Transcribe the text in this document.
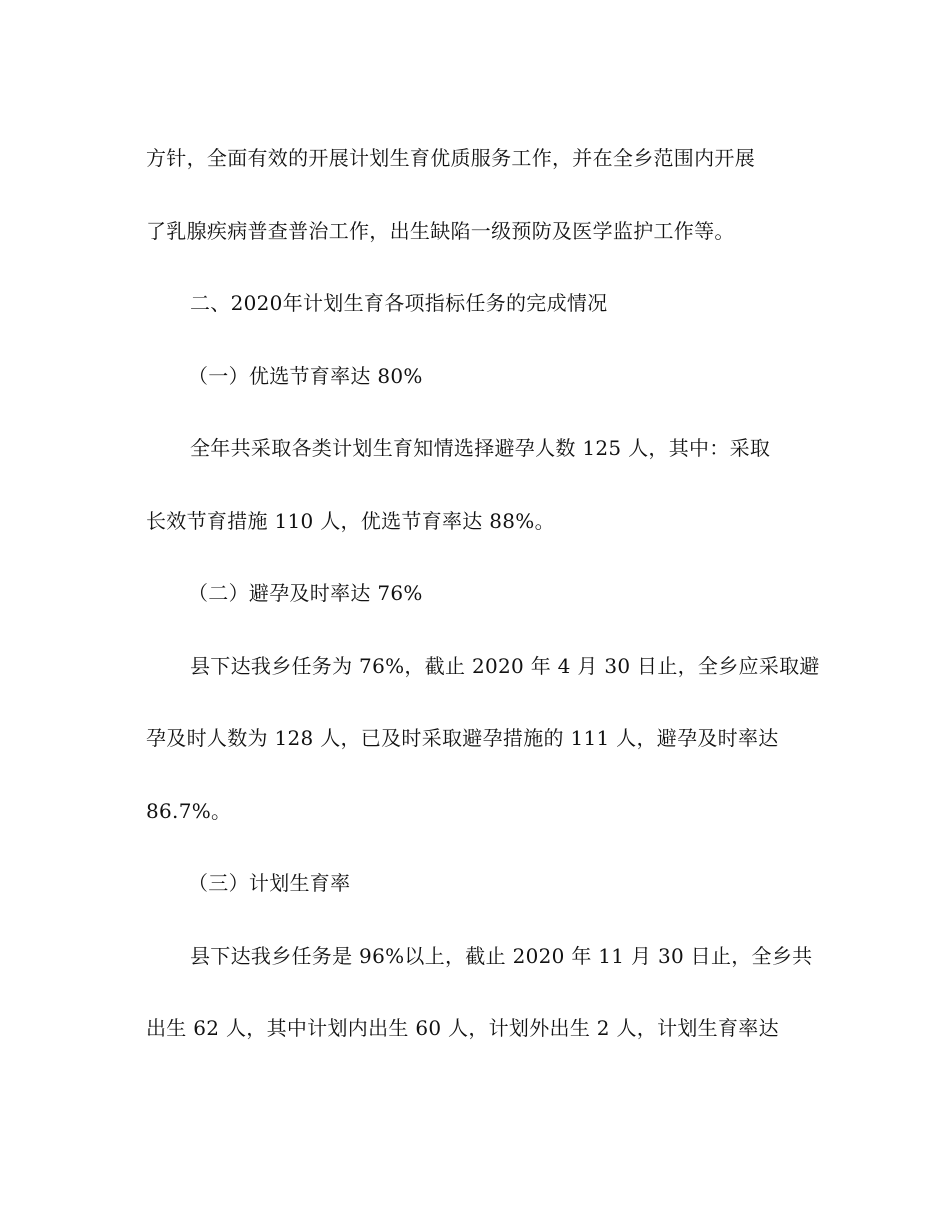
方针，全面有效的开展计划生育优质服务工作，并在全乡范围内开展
了乳腺疾病普查普治工作，出生缺陷一级预防及医学监护工作等。
二、2020年计划生育各项指标任务的完成情况
（一）优选节育率达 80%
全年共采取各类计划生育知情选择避孕人数 125 人，其中：采取
长效节育措施 110 人，优选节育率达 88%。
（二）避孕及时率达 76%
县下达我乡任务为 76%，截止 2020 年 4 月 30 日止，全乡应采取避
孕及时人数为 128 人，已及时采取避孕措施的 111 人，避孕及时率达
86.7%。
（三）计划生育率
县下达我乡任务是 96%以上，截止 2020 年 11 月 30 日止，全乡共
出生 62 人，其中计划内出生 60 人，计划外出生 2 人，计划生育率达
